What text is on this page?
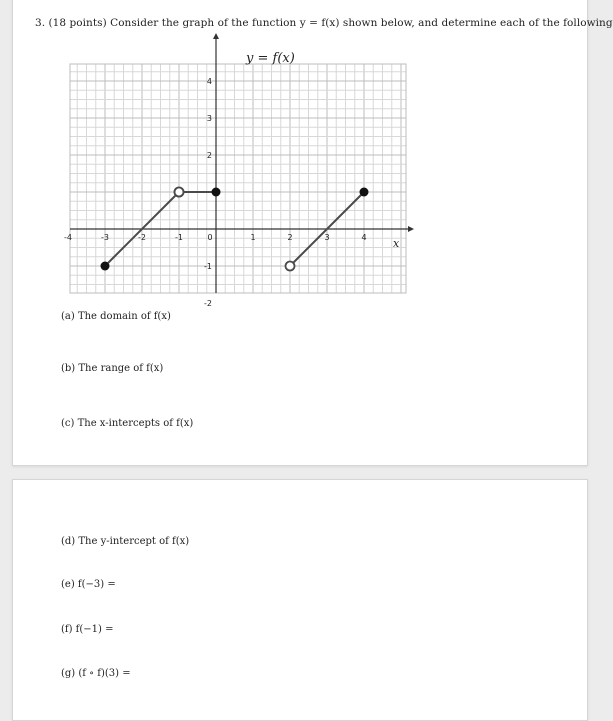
3. (18 points) Consider the graph of the function y = f(x) shown below, and determine each of the following
-4	-3	-2	-1	0	1	2	3	4
4
3
2
-1
-2
y = f(x)
x
(a) The domain of f(x)
(b) The range of f(x)
(c) The x-intercepts of f(x)
(d) The y-intercept of f(x)
(e) f(−3) =
(f) f(−1) =
(g) (f ∘ f)(3) =
